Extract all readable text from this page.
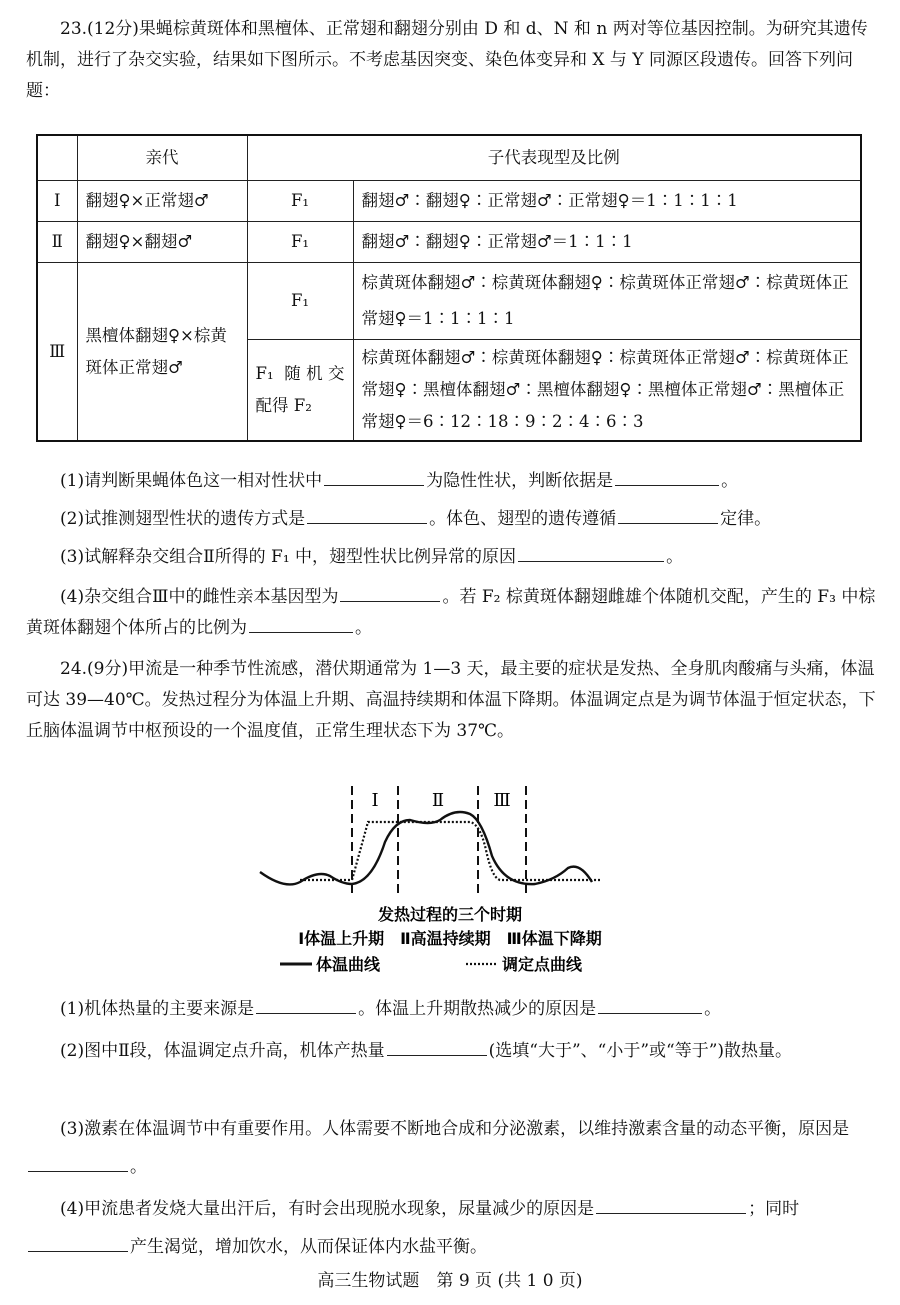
23.(12分)果蝇棕黄斑体和黑檀体、正常翅和翻翅分别由 D 和 d、N 和 n 两对等位基因控制。为研究其遗传机制，进行了杂交实验，结果如下图所示。不考虑基因突变、染色体变异和 X 与 Y 同源区段遗传。回答下列问题：
	亲代	子代表现型及比例	
Ⅰ	翻翅♀×正常翅♂	F₁	翻翅♂∶翻翅♀∶正常翅♂∶正常翅♀＝1∶1∶1∶1
Ⅱ	翻翅♀×翻翅♂	F₁	翻翅♂∶翻翅♀∶正常翅♂＝1∶1∶1
Ⅲ	黑檀体翻翅♀×棕黄斑体正常翅♂	F₁	棕黄斑体翻翅♂∶棕黄斑体翻翅♀∶棕黄斑体正常翅♂∶棕黄斑体正常翅♀＝1∶1∶1∶1
		F₁ 随机交配得 F₂	棕黄斑体翻翅♂∶棕黄斑体翻翅♀∶棕黄斑体正常翅♂∶棕黄斑体正常翅♀∶黑檀体翻翅♂∶黑檀体翻翅♀∶黑檀体正常翅♂∶黑檀体正常翅♀＝6∶12∶18∶9∶2∶4∶6∶3
(1)请判断果蝇体色这一相对性状中	为隐性性状，判断依据是	。
(2)试推测翅型性状的遗传方式是	。体色、翅型的遗传遵循	定律。
(3)试解释杂交组合Ⅱ所得的 F₁ 中，翅型性状比例异常的原因	。
(4)杂交组合Ⅲ中的雌性亲本基因型为	。若 F₂ 棕黄斑体翻翅雌雄个体随机交配，产生的 F₃ 中棕黄斑体翻翅个体所占的比例为	。
24.(9分)甲流是一种季节性流感，潜伏期通常为 1—3 天，最主要的症状是发热、全身肌肉酸痛与头痛，体温可达 39—40℃。发热过程分为体温上升期、高温持续期和体温下降期。体温调定点是为调节体温于恒定状态，下丘脑体温调节中枢预设的一个温度值，正常生理状态下为 37℃。
Ⅰ	Ⅱ	Ⅲ
发热过程的三个时期
Ⅰ体温上升期　Ⅱ高温持续期　Ⅲ体温下降期
体温曲线	调定点曲线
(1)机体热量的主要来源是	。体温上升期散热减少的原因是	。
(2)图中Ⅱ段，体温调定点升高，机体产热量	(选填“大于”、“小于”或“等于”)散热量。
(3)激素在体温调节中有重要作用。人体需要不断地合成和分泌激素，以维持激素含量的动态平衡，原因是。
(4)甲流患者发烧大量出汗后，有时会出现脱水现象，尿量减少的原因是	；同时产生渴觉，增加饮水，从而保证体内水盐平衡。
高三生物试题　第 9 页 (共 1 0 页)
